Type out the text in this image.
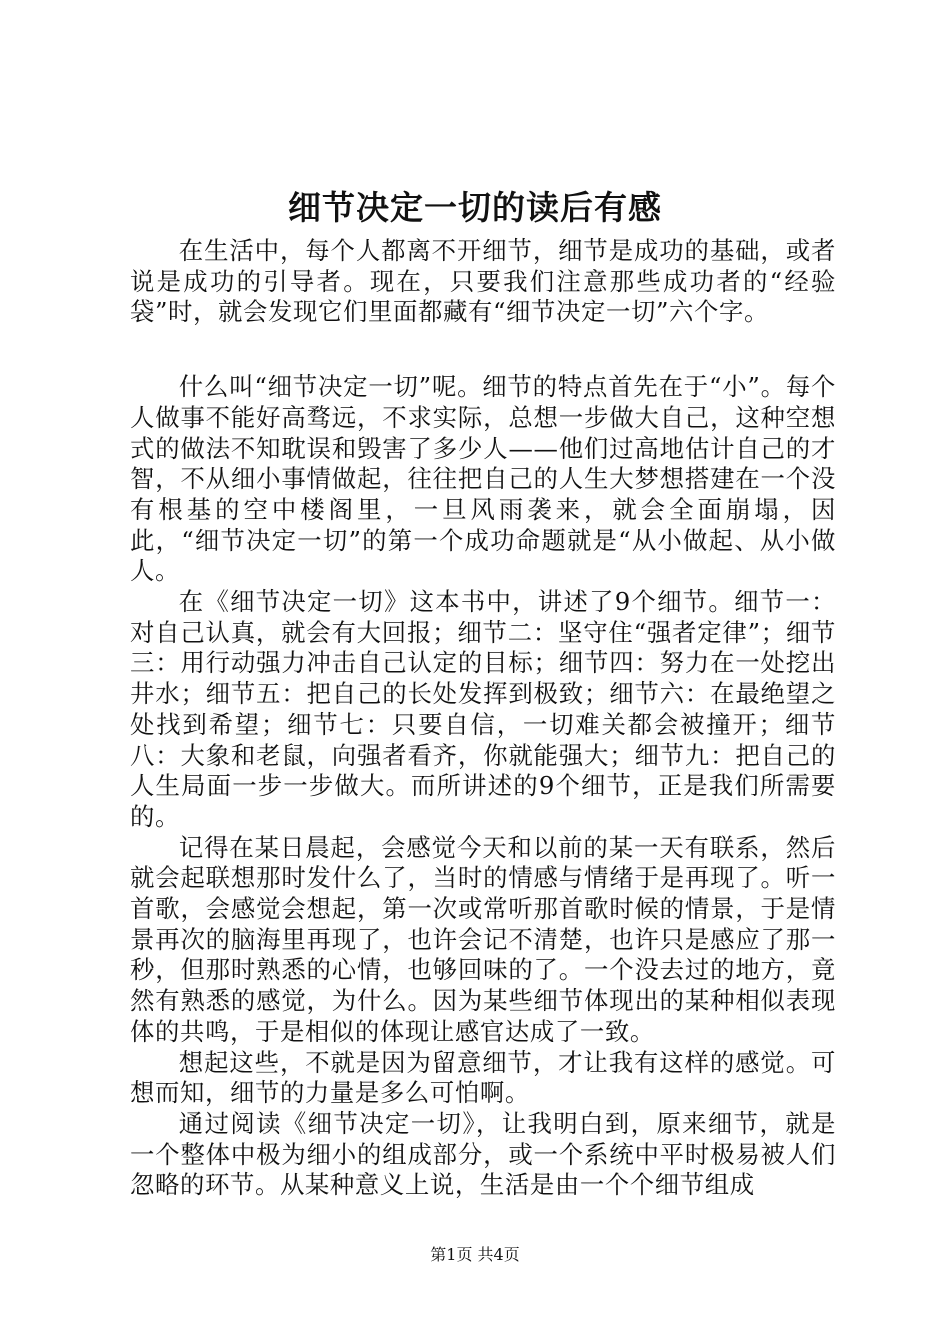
细节决定一切的读后有感

在生活中，每个人都离不开细节，细节是成功的基础，或者说是成功的引导者。现在，只要我们注意那些成功者的“经验袋”时，就会发现它们里面都藏有“细节决定一切”六个字。

什么叫“细节决定一切”呢。细节的特点首先在于“小”。每个人做事不能好高骛远，不求实际，总想一步做大自己，这种空想式的做法不知耽误和毁害了多少人——他们过高地估计自己的才智，不从细小事情做起，往往把自己的人生大梦想搭建在一个没有根基的空中楼阁里，一旦风雨袭来，就会全面崩塌，因此，“细节决定一切”的第一个成功命题就是“从小做起、从小做人。

在《细节决定一切》这本书中，讲述了9个细节。细节一：对自己认真，就会有大回报；细节二：坚守住“强者定律”；细节三：用行动强力冲击自己认定的目标；细节四：努力在一处挖出井水；细节五：把自己的长处发挥到极致；细节六：在最绝望之处找到希望；细节七：只要自信，一切难关都会被撞开；细节八：大象和老鼠，向强者看齐，你就能强大；细节九：把自己的人生局面一步一步做大。而所讲述的9个细节，正是我们所需要的。

记得在某日晨起，会感觉今天和以前的某一天有联系，然后就会起联想那时发什么了，当时的情感与情绪于是再现了。听一首歌，会感觉会想起，第一次或常听那首歌时候的情景，于是情景再次的脑海里再现了，也许会记不清楚，也许只是感应了那一秒，但那时熟悉的心情，也够回味的了。一个没去过的地方，竟然有熟悉的感觉，为什么。因为某些细节体现出的某种相似表现体的共鸣，于是相似的体现让感官达成了一致。

想起这些，不就是因为留意细节，才让我有这样的感觉。可想而知，细节的力量是多么可怕啊。

通过阅读《细节决定一切》，让我明白到，原来细节，就是一个整体中极为细小的组成部分，或一个系统中平时极易被人们忽略的环节。从某种意义上说，生活是由一个个细节组成

第1页 共4页
